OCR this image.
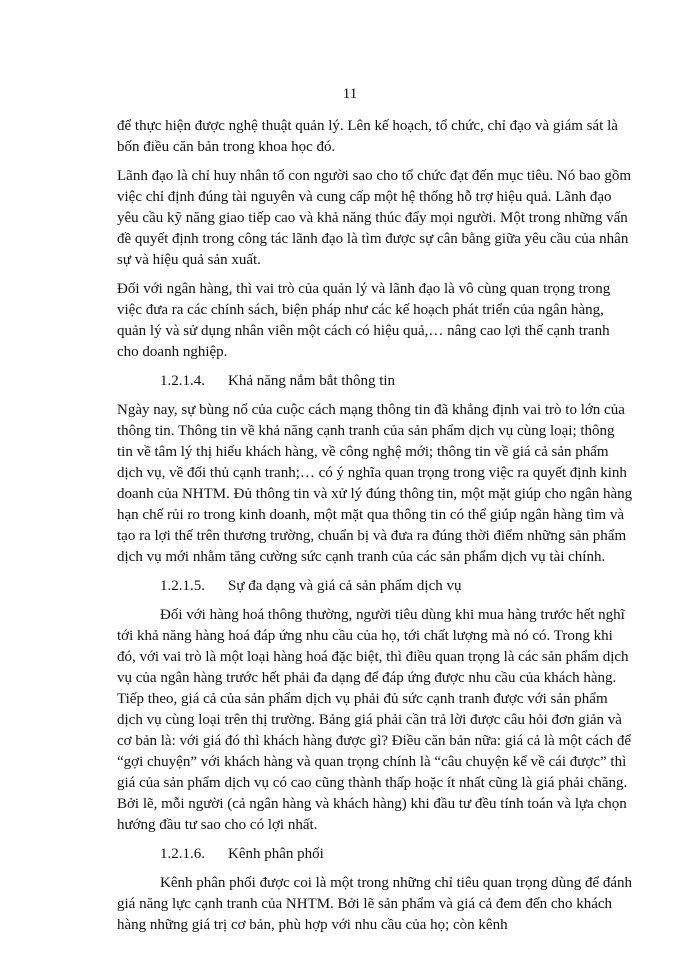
11

để thực hiện được nghệ thuật quản lý. Lên kế hoạch, tổ chức, chỉ đạo và giám sát là bốn điều căn bản trong khoa học đó.

Lãnh đạo là chỉ huy nhân tố con người sao cho tổ chức đạt đến mục tiêu. Nó bao gồm việc chỉ định đúng tài nguyên và cung cấp một hệ thống hỗ trợ hiệu quả. Lãnh đạo yêu cầu kỹ năng giao tiếp cao và khả năng thúc đẩy mọi người. Một trong những vấn đề quyết định trong công tác lãnh đạo là tìm được sự cân bằng giữa yêu cầu của nhân sự và hiệu quả sản xuất.

Đối với ngân hàng, thì vai trò của quản lý và lãnh đạo là vô cùng quan trọng trong việc đưa ra các chính sách, biện pháp như các kế hoạch phát triển của ngân hàng, quản lý và sử dụng nhân viên một cách có hiệu quả,… nâng cao lợi thế cạnh tranh cho doanh nghiệp.

1.2.1.4. Khả năng nắm bắt thông tin

Ngày nay, sự bùng nổ của cuộc cách mạng thông tin đã khẳng định vai trò to lớn của thông tin. Thông tin về khả năng cạnh tranh của sản phẩm dịch vụ cùng loại; thông tin về tâm lý thị hiếu khách hàng, về công nghệ mới; thông tin về giá cả sản phẩm dịch vụ, về đối thủ cạnh tranh;… có ý nghĩa quan trọng trong việc ra quyết định kinh doanh của NHTM. Đủ thông tin và xử lý đúng thông tin, một mặt giúp cho ngân hàng hạn chế rủi ro trong kinh doanh, một mặt qua thông tin có thể giúp ngân hàng tìm và tạo ra lợi thế trên thương trường, chuẩn bị và đưa ra đúng thời điểm những sản phẩm dịch vụ mới nhằm tăng cường sức cạnh tranh của các sản phẩm dịch vụ tài chính.

1.2.1.5. Sự đa dạng và giá cả sản phẩm dịch vụ

Đối với hàng hoá thông thường, người tiêu dùng khi mua hàng trước hết nghĩ tới khả năng hàng hoá đáp ứng nhu cầu của họ, tới chất lượng mà nó có. Trong khi đó, với vai trò là một loại hàng hoá đặc biệt, thì điều quan trọng là các sản phẩm dịch vụ của ngân hàng trước hết phải đa dạng để đáp ứng được nhu cầu của khách hàng. Tiếp theo, giá cả của sản phẩm dịch vụ phải đủ sức cạnh tranh được với sản phẩm dịch vụ cùng loại trên thị trường. Bảng giá phải cần trả lời được câu hỏi đơn giản và cơ bản là: với giá đó thì khách hàng được gì? Điều căn bản nữa: giá cả là một cách để “gợi chuyện” với khách hàng và quan trọng chính là “câu chuyện kể về cái được” thì giá của sản phẩm dịch vụ có cao cũng thành thấp hoặc ít nhất cũng là giá phải chăng. Bởi lẽ, mỗi người (cả ngân hàng và khách hàng) khi đầu tư đều tính toán và lựa chọn hướng đầu tư sao cho có lợi nhất.

1.2.1.6. Kênh phân phối

Kênh phân phối được coi là một trong những chỉ tiêu quan trọng dùng để đánh giá năng lực cạnh tranh của NHTM. Bởi lẽ sản phẩm và giá cả đem đến cho khách hàng những giá trị cơ bản, phù hợp với nhu cầu của họ; còn kênh
